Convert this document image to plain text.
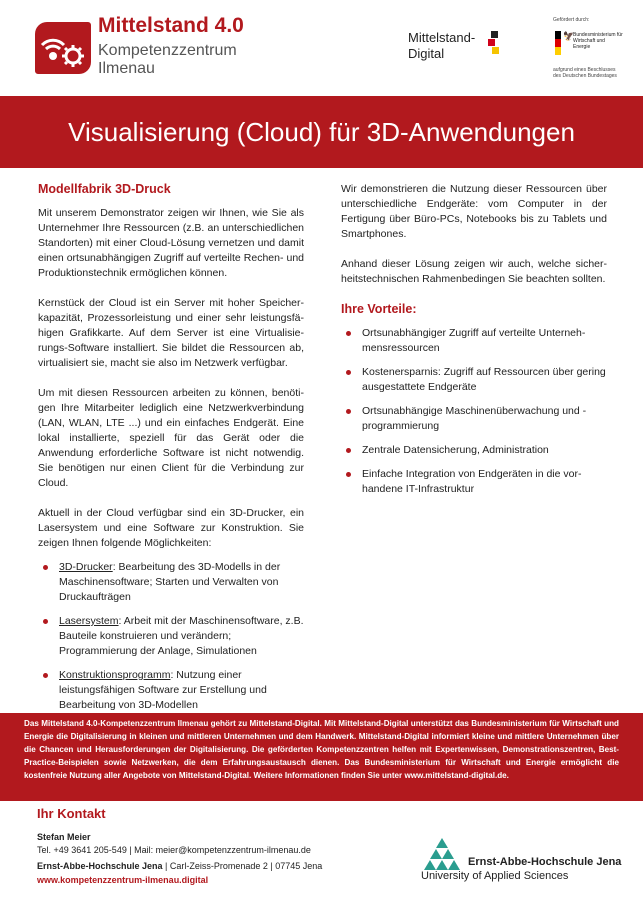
Mittelstand 4.0
Kompetenzzentrum
Ilmenau
Mittelstand-
Digital
Gefördert durch:
🦅
Bundesministerium für Wirtschaft und Energie
aufgrund eines Beschlusses des Deutschen Bundestages
Visualisierung (Cloud) für 3D-Anwendungen
Modellfabrik 3D-Druck

Mit unserem Demonstrator zeigen wir Ihnen, wie Sie als Unternehmer Ihre Ressourcen (z.B. an unterschiedlichen Standorten) mit einer Cloud-Lösung vernetzen und damit einen ortsunabhängigen Zugriff auf verteilte Rechen- und Produktionstechnik ermöglichen können.

Kernstück der Cloud ist ein Server mit hoher Speicherkapazität, Prozessorleistung und einer sehr leistungsfähigen Grafikkarte. Auf dem Server ist eine Virtualisierungs-Software installiert. Sie bildet die Ressourcen ab, virtualisiert sie, macht sie also im Netzwerk verfügbar.

Um mit diesen Ressourcen arbeiten zu können, benötigen Ihre Mitarbeiter lediglich eine Netzwerkverbindung (LAN, WLAN, LTE ...) und ein einfaches Endgerät. Eine lokal installierte, speziell für das Gerät oder die Anwendung erforderliche Software ist nicht notwendig. Sie benötigen nur einen Client für die Verbindung zur Cloud.

Aktuell in der Cloud verfügbar sind ein 3D-Drucker, ein Lasersystem und eine Software zur Konstruktion. Sie zeigen Ihnen folgende Möglichkeiten:

3D-Drucker: Bearbeitung des 3D-Modells in der Maschinensoftware; Starten und Verwalten von Druckaufträgen
Lasersystem: Arbeit mit der Maschinensoftware, z.B. Bauteile konstruieren und verändern; Programmierung der Anlage, Simulationen
Konstruktionsprogramm: Nutzung einer leistungsfähigen Software zur Erstellung und Bearbeitung von 3D-Modellen

Wir demonstrieren die Nutzung dieser Ressourcen über unterschiedliche Endgeräte: vom Computer in der Fertigung über Büro-PCs, Notebooks bis zu Tablets und Smartphones.

Anhand dieser Lösung zeigen wir auch, welche sicherheitstechnischen Rahmenbedingen Sie beachten sollten.

Ihre Vorteile:
Ortsunabhängiger Zugriff auf verteilte Unternehmensressourcen
Kostenersparnis: Zugriff auf Ressourcen über gering ausgestattete Endgeräte
Ortsunabhängige Maschinenüberwachung und -programmierung
Zentrale Datensicherung, Administration
Einfache Integration von Endgeräten in die vorhandene IT-Infrastruktur

Das Mittelstand 4.0-Kompetenzzentrum Ilmenau gehört zu Mittelstand-Digital. Mit Mittelstand-Digital unterstützt das Bundesministerium für Wirtschaft und Energie die Digitalisierung in kleinen und mittleren Unternehmen und dem Handwerk. Mittelstand-Digital informiert kleine und mittlere Unternehmen über die Chancen und Herausforderungen der Digitalisierung. Die geförderten Kompetenzzentren helfen mit Expertenwissen, Demonstrationszentren, Best-Practice-Beispielen sowie Netzwerken, die dem Erfahrungsaustausch dienen. Das Bundesministerium für Wirtschaft und Energie ermöglicht die kostenfreie Nutzung aller Angebote von Mittelstand-Digital. Weitere Informationen finden Sie unter www.mittelstand-digital.de.

Ihr Kontakt
Stefan Meier
Tel. +49 3641 205-549 | Mail: meier@kompetenzzentrum-ilmenau.de
Ernst-Abbe-Hochschule Jena | Carl-Zeiss-Promenade 2 | 07745 Jena
www.kompetenzzentrum-ilmenau.digital
Ernst-Abbe-Hochschule Jena
University of Applied Sciences
